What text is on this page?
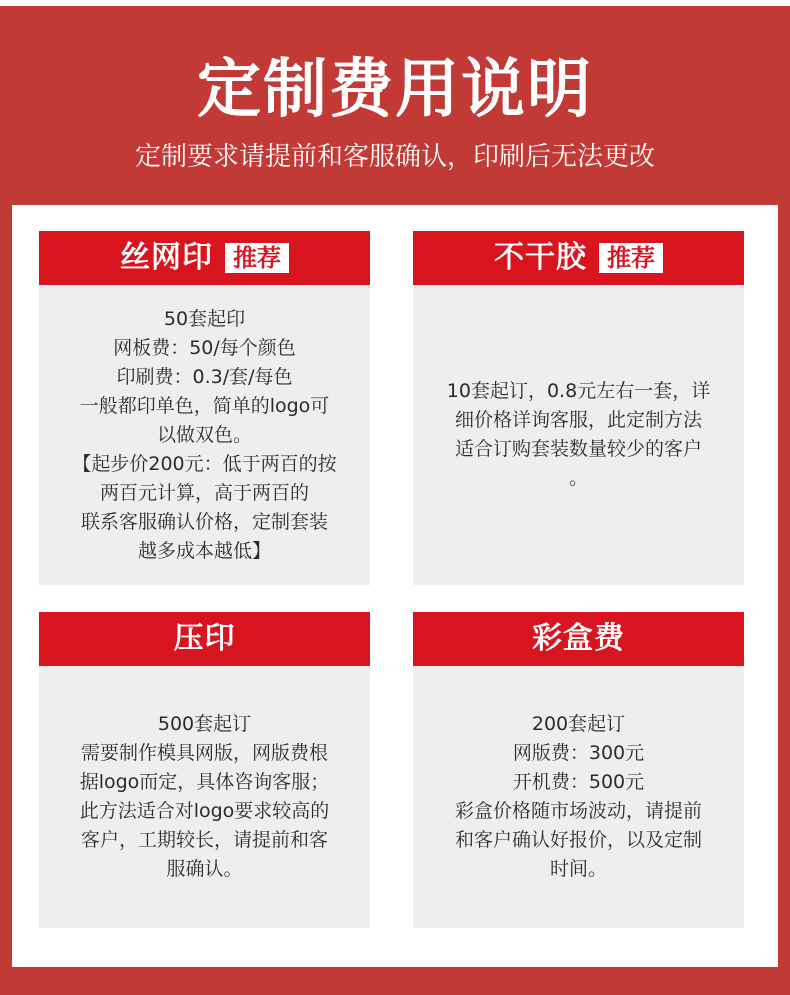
定制费用说明
定制要求请提前和客服确认，印刷后无法更改
丝网印 推荐
50套起印
网板费：50/每个颜色
印刷费：0.3/套/每色
一般都印单色，简单的logo可
以做双色。
【起步价200元：低于两百的按
两百元计算，高于两百的
联系客服确认价格，定制套装
越多成本越低】
不干胶 推荐
10套起订，0.8元左右一套，详
细价格详询客服，此定制方法
适合订购套装数量较少的客户
。
压印
500套起订
需要制作模具网版，网版费根
据logo而定，具体咨询客服；
此方法适合对logo要求较高的
客户，工期较长，请提前和客
服确认。
彩盒费
200套起订
网版费：300元
开机费：500元
彩盒价格随市场波动，请提前
和客户确认好报价，以及定制
时间。
